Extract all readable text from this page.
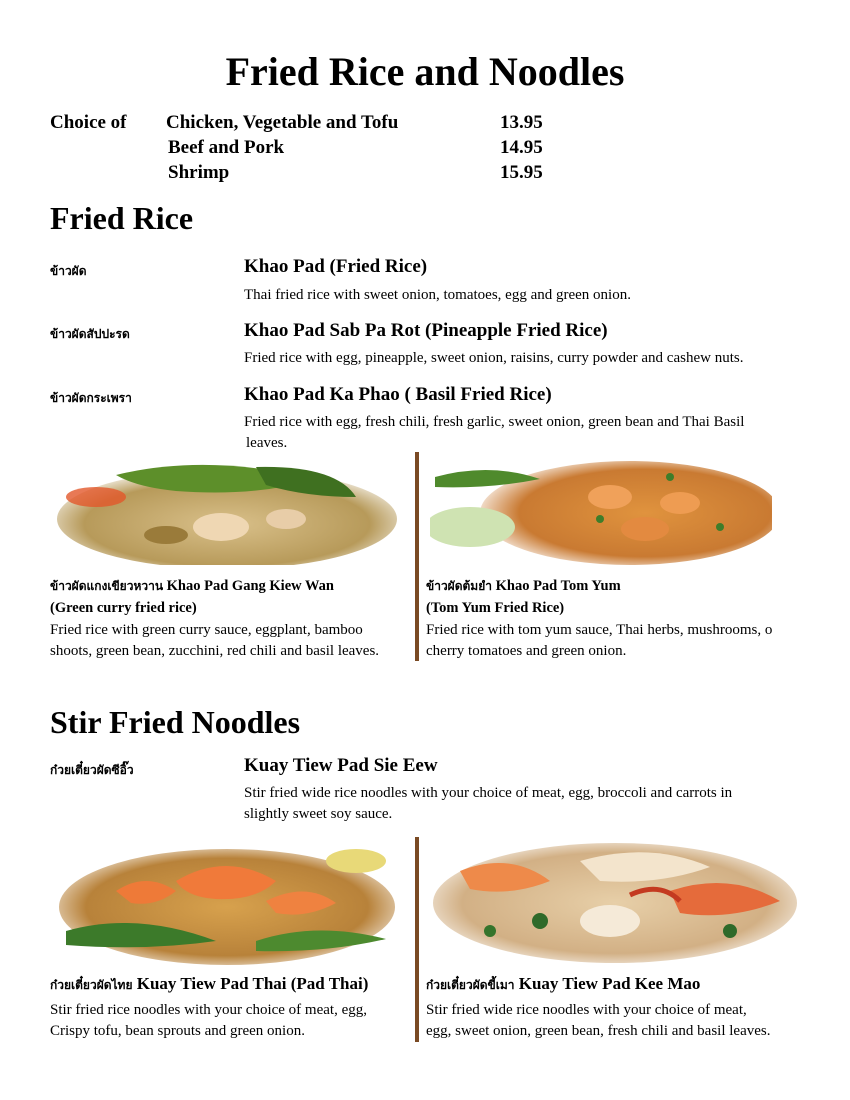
Fried Rice and Noodles
Choice of Chicken, Vegetable and Tofu	13.95
Beef and Pork	14.95
Shrimp	15.95
Fried Rice
ข้าวผัด	Khao Pad (Fried Rice)
Thai fried rice with sweet onion, tomatoes, egg and green onion.
ข้าวผัดสัปปะรด	Khao Pad Sab Pa Rot (Pineapple Fried Rice)
Fried rice with egg, pineapple, sweet onion, raisins, curry powder and cashew nuts.
ข้าวผัดกระเพรา	Khao Pad Ka Phao ( Basil Fried Rice)
Fried rice with egg, fresh chili, fresh garlic, sweet onion, green bean and Thai Basil
leaves.
ข้าวผัดแกงเขียวหวาน Khao Pad Gang Kiew Wan
(Green curry fried rice)
Fried rice with green curry sauce, eggplant, bamboo
shoots, green bean, zucchini, red chili and basil leaves.
ข้าวผัดต้มยำ Khao Pad Tom Yum
(Tom Yum Fried Rice)
Fried rice with tom yum sauce, Thai herbs, mushrooms, o
cherry tomatoes and green onion.
Stir Fried Noodles
ก๋วยเตี๋ยวผัดซีอิ๊ว	Kuay Tiew Pad Sie Eew
Stir fried wide rice noodles with your choice of meat, egg, broccoli and carrots in
slightly sweet soy sauce.
ก๋วยเตี๋ยวผัดไทย Kuay Tiew Pad Thai (Pad Thai)
Stir fried rice noodles with your choice of meat, egg,
Crispy tofu, bean sprouts and green onion.
ก๋วยเตี๋ยวผัดขี้เมา Kuay Tiew Pad Kee Mao
Stir fried wide rice noodles with your choice of meat,
egg, sweet onion, green bean, fresh chili and basil leaves.
